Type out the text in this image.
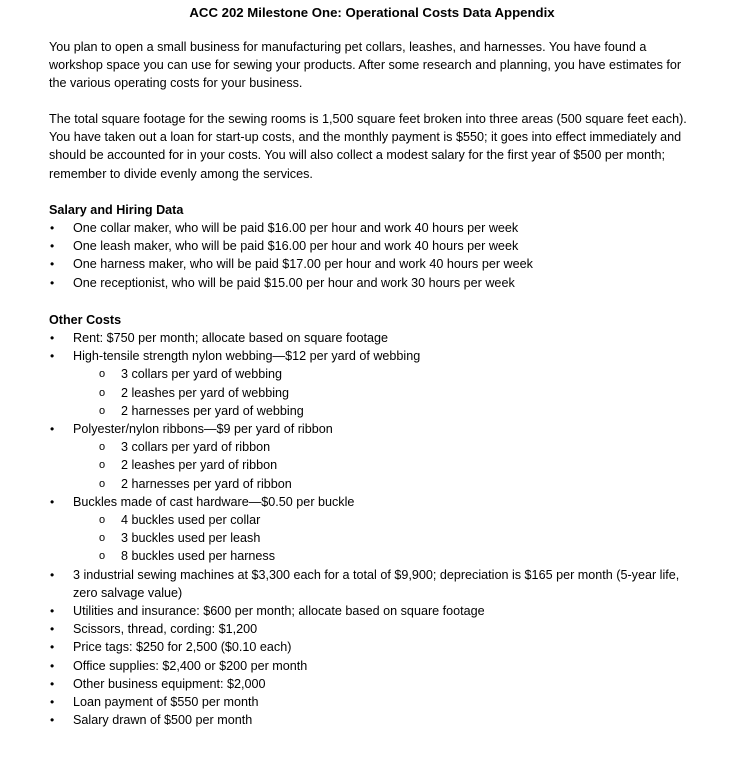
ACC 202 Milestone One: Operational Costs Data Appendix

You plan to open a small business for manufacturing pet collars, leashes, and harnesses. You have found a workshop space you can use for sewing your products. After some research and planning, you have estimates for the various operating costs for your business.

The total square footage for the sewing rooms is 1,500 square feet broken into three areas (500 square feet each). You have taken out a loan for start-up costs, and the monthly payment is $550; it goes into effect immediately and should be accounted for in your costs. You will also collect a modest salary for the first year of $500 per month; remember to divide evenly among the services.

Salary and Hiring Data
•	One collar maker, who will be paid $16.00 per hour and work 40 hours per week
•	One leash maker, who will be paid $16.00 per hour and work 40 hours per week
•	One harness maker, who will be paid $17.00 per hour and work 40 hours per week
•	One receptionist, who will be paid $15.00 per hour and work 30 hours per week
Other Costs
•	Rent: $750 per month; allocate based on square footage
•	High-tensile strength nylon webbing—$12 per yard of webbing
o 3 collars per yard of webbing
o 2 leashes per yard of webbing
o 2 harnesses per yard of webbing
•	Polyester/nylon ribbons—$9 per yard of ribbon
o 3 collars per yard of ribbon
o 2 leashes per yard of ribbon
o 2 harnesses per yard of ribbon
•	Buckles made of cast hardware—$0.50 per buckle
o 4 buckles used per collar
o 3 buckles used per leash
o 8 buckles used per harness
•	3 industrial sewing machines at $3,300 each for a total of $9,900; depreciation is $165 per month (5-year life, zero salvage value)
•	Utilities and insurance: $600 per month; allocate based on square footage
•	Scissors, thread, cording: $1,200
•	Price tags: $250 for 2,500 ($0.10 each)
•	Office supplies: $2,400 or $200 per month
•	Other business equipment: $2,000
•	Loan payment of $550 per month
•	Salary drawn of $500 per month
